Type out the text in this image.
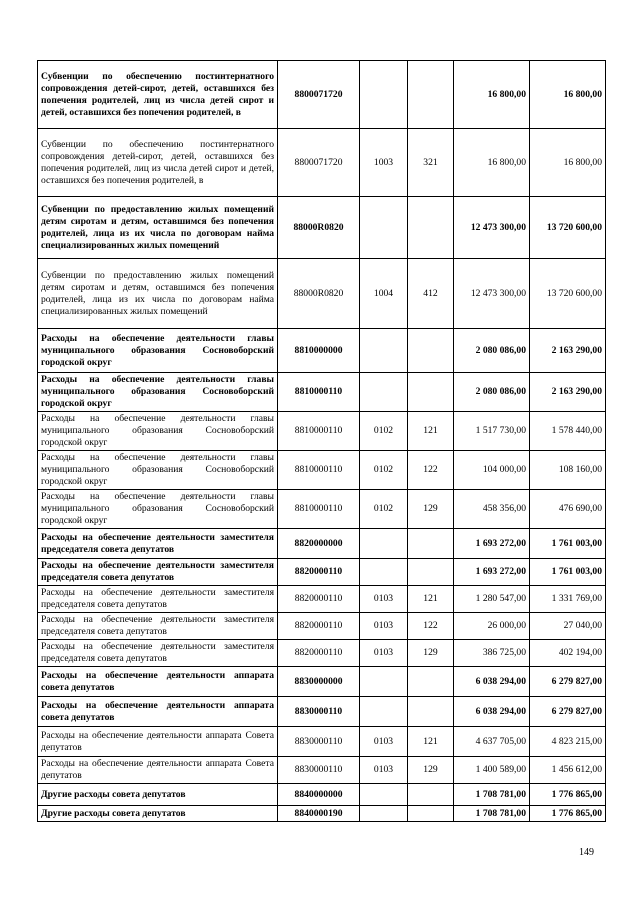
Субвенции по обеспечению постинтернатного сопровождения детей-сирот, детей, оставшихся без попечения родителей, лиц из числа детей сирот и детей, оставшихся без попечения родителей, в	8800071720			16 800,00	16 800,00
Субвенции по обеспечению постинтернатного сопровождения детей-сирот, детей, оставшихся без попечения родителей, лиц из числа детей сирот и детей, оставшихся без попечения родителей, в	8800071720	1003	321	16 800,00	16 800,00
Субвенции по предоставлению жилых помещений детям сиротам и детям, оставшимся без попечения родителей, лица из их числа по договорам найма специализированных жилых помещений	88000R0820			12 473 300,00	13 720 600,00
Субвенции по предоставлению жилых помещений детям сиротам и детям, оставшимся без попечения родителей, лица из их числа по договорам найма специализированных жилых помещений	88000R0820	1004	412	12 473 300,00	13 720 600,00
Расходы на обеспечение деятельности главы муниципального образования Сосновоборский городской округ	8810000000			2 080 086,00	2 163 290,00
Расходы на обеспечение деятельности главы муниципального образования Сосновоборский городской округ	8810000110			2 080 086,00	2 163 290,00
Расходы на обеспечение деятельности главы муниципального образования Сосновоборский городской округ	8810000110	0102	121	1 517 730,00	1 578 440,00
Расходы на обеспечение деятельности главы муниципального образования Сосновоборский городской округ	8810000110	0102	122	104 000,00	108 160,00
Расходы на обеспечение деятельности главы муниципального образования Сосновоборский городской округ	8810000110	0102	129	458 356,00	476 690,00
Расходы на обеспечение деятельности заместителя председателя совета депутатов	8820000000			1 693 272,00	1 761 003,00
Расходы на обеспечение деятельности заместителя председателя совета депутатов	8820000110			1 693 272,00	1 761 003,00
Расходы на обеспечение деятельности заместителя председателя совета депутатов	8820000110	0103	121	1 280 547,00	1 331 769,00
Расходы на обеспечение деятельности заместителя председателя совета депутатов	8820000110	0103	122	26 000,00	27 040,00
Расходы на обеспечение деятельности заместителя председателя совета депутатов	8820000110	0103	129	386 725,00	402 194,00
Расходы на обеспечение деятельности аппарата совета депутатов	8830000000			6 038 294,00	6 279 827,00
Расходы на обеспечение деятельности аппарата совета депутатов	8830000110			6 038 294,00	6 279 827,00
Расходы на обеспечение деятельности аппарата Совета депутатов	8830000110	0103	121	4 637 705,00	4 823 215,00
Расходы на обеспечение деятельности аппарата Совета депутатов	8830000110	0103	129	1 400 589,00	1 456 612,00
Другие расходы совета депутатов	8840000000			1 708 781,00	1 776 865,00
Другие расходы совета депутатов	8840000190			1 708 781,00	1 776 865,00
149
